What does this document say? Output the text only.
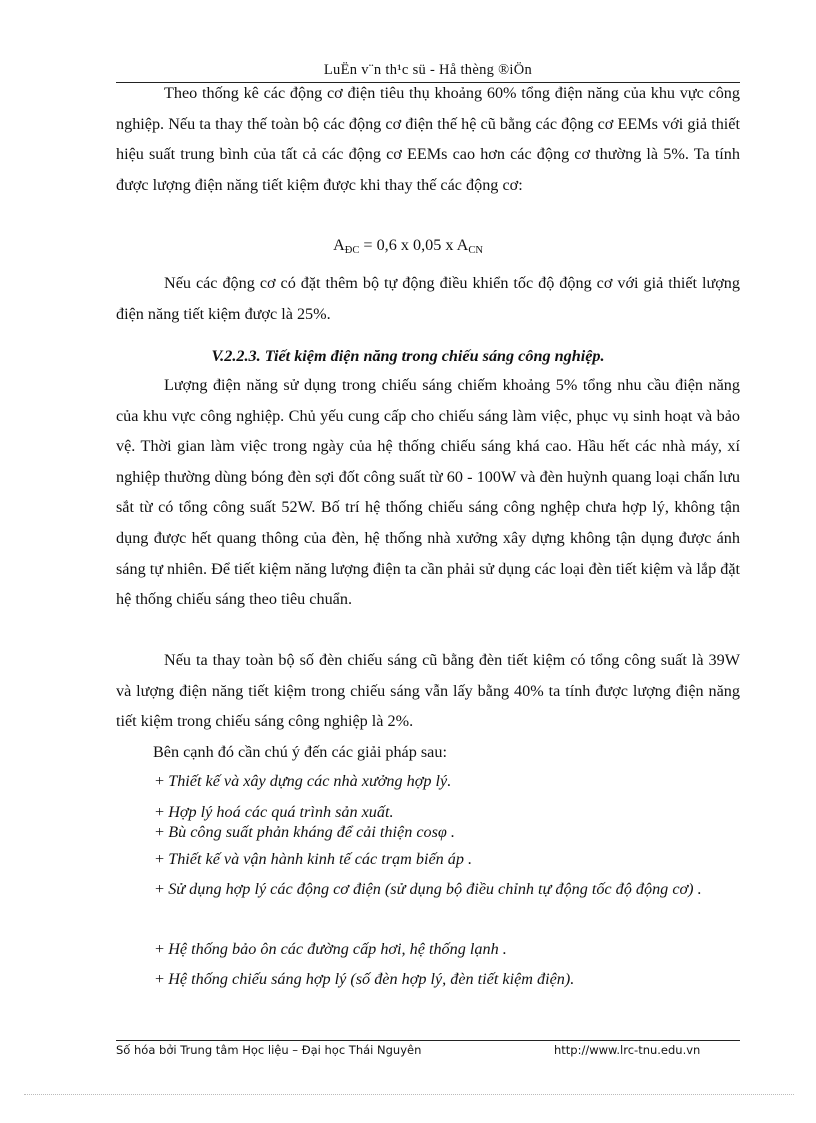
LuËn v¨n th¹c sü - Hå thèng ®iÖn

Theo thống kê các động cơ điện tiêu thụ khoảng 60% tổng điện năng của khu vực công nghiệp. Nếu ta thay thế toàn bộ các động cơ điện thế hệ cũ bằng các động cơ EEMs với giả thiết hiệu suất trung bình của tất cả các động cơ EEMs cao hơn các động cơ thường là 5%. Ta tính được lượng điện năng tiết kiệm được khi thay thế các động cơ:

$A_{ĐC} = 0,6$ x 0,05 x $A_{CN}$

Nếu các động cơ có đặt thêm bộ tự động điều khiển tốc độ động cơ với giả thiết lượng điện năng tiết kiệm được là 25%.

V.2.2.3. Tiết kiệm điện năng trong chiếu sáng công nghiệp.

Lượng điện năng sử dụng trong chiếu sáng chiếm khoảng 5% tổng nhu cầu điện năng của khu vực công nghiệp. Chủ yếu cung cấp cho chiếu sáng làm việc, phục vụ sinh hoạt và bảo vệ. Thời gian làm việc trong ngày của hệ thống chiếu sáng khá cao. Hầu hết các nhà máy, xí nghiệp thường dùng bóng đèn sợi đốt công suất từ 60 - 100W và đèn huỳnh quang loại chấn lưu sắt từ có tổng công suất 52W. Bố trí hệ thống chiếu sáng công nghệp chưa hợp lý, không tận dụng được hết quang thông của đèn, hệ thống nhà xưởng xây dựng không tận dụng được ánh sáng tự nhiên. Để tiết kiệm năng lượng điện ta cần phải sử dụng các loại đèn tiết kiệm và lắp đặt hệ thống chiếu sáng theo tiêu chuẩn.

Nếu ta thay toàn bộ số đèn chiếu sáng cũ bằng đèn tiết kiệm có tổng công suất là 39W và lượng điện năng tiết kiệm trong chiếu sáng vẫn lấy bằng 40% ta tính được lượng điện năng tiết kiệm trong chiếu sáng công nghiệp là 2%.

Bên cạnh đó cần chú ý đến các giải pháp sau:
+ Thiết kế và xây dựng các nhà xưởng hợp lý.
+ Hợp lý hoá các quá trình sản xuất.
+ Bù công suất phản kháng để cải thiện cosφ .
+ Thiết kế và vận hành kinh tế các trạm biến áp .

+ Sử dụng hợp lý các động cơ điện (sử dụng bộ điều chỉnh tự động tốc độ động cơ) .

+ Hệ thống bảo ôn các đường cấp hơi, hệ thống lạnh .
+ Hệ thống chiếu sáng hợp lý (số đèn hợp lý, đèn tiết kiệm điện).
Số hóa bởi Trung tâm Học liệu – Đại học Thái Nguyên	http://www.lrc-tnu.edu.vn
